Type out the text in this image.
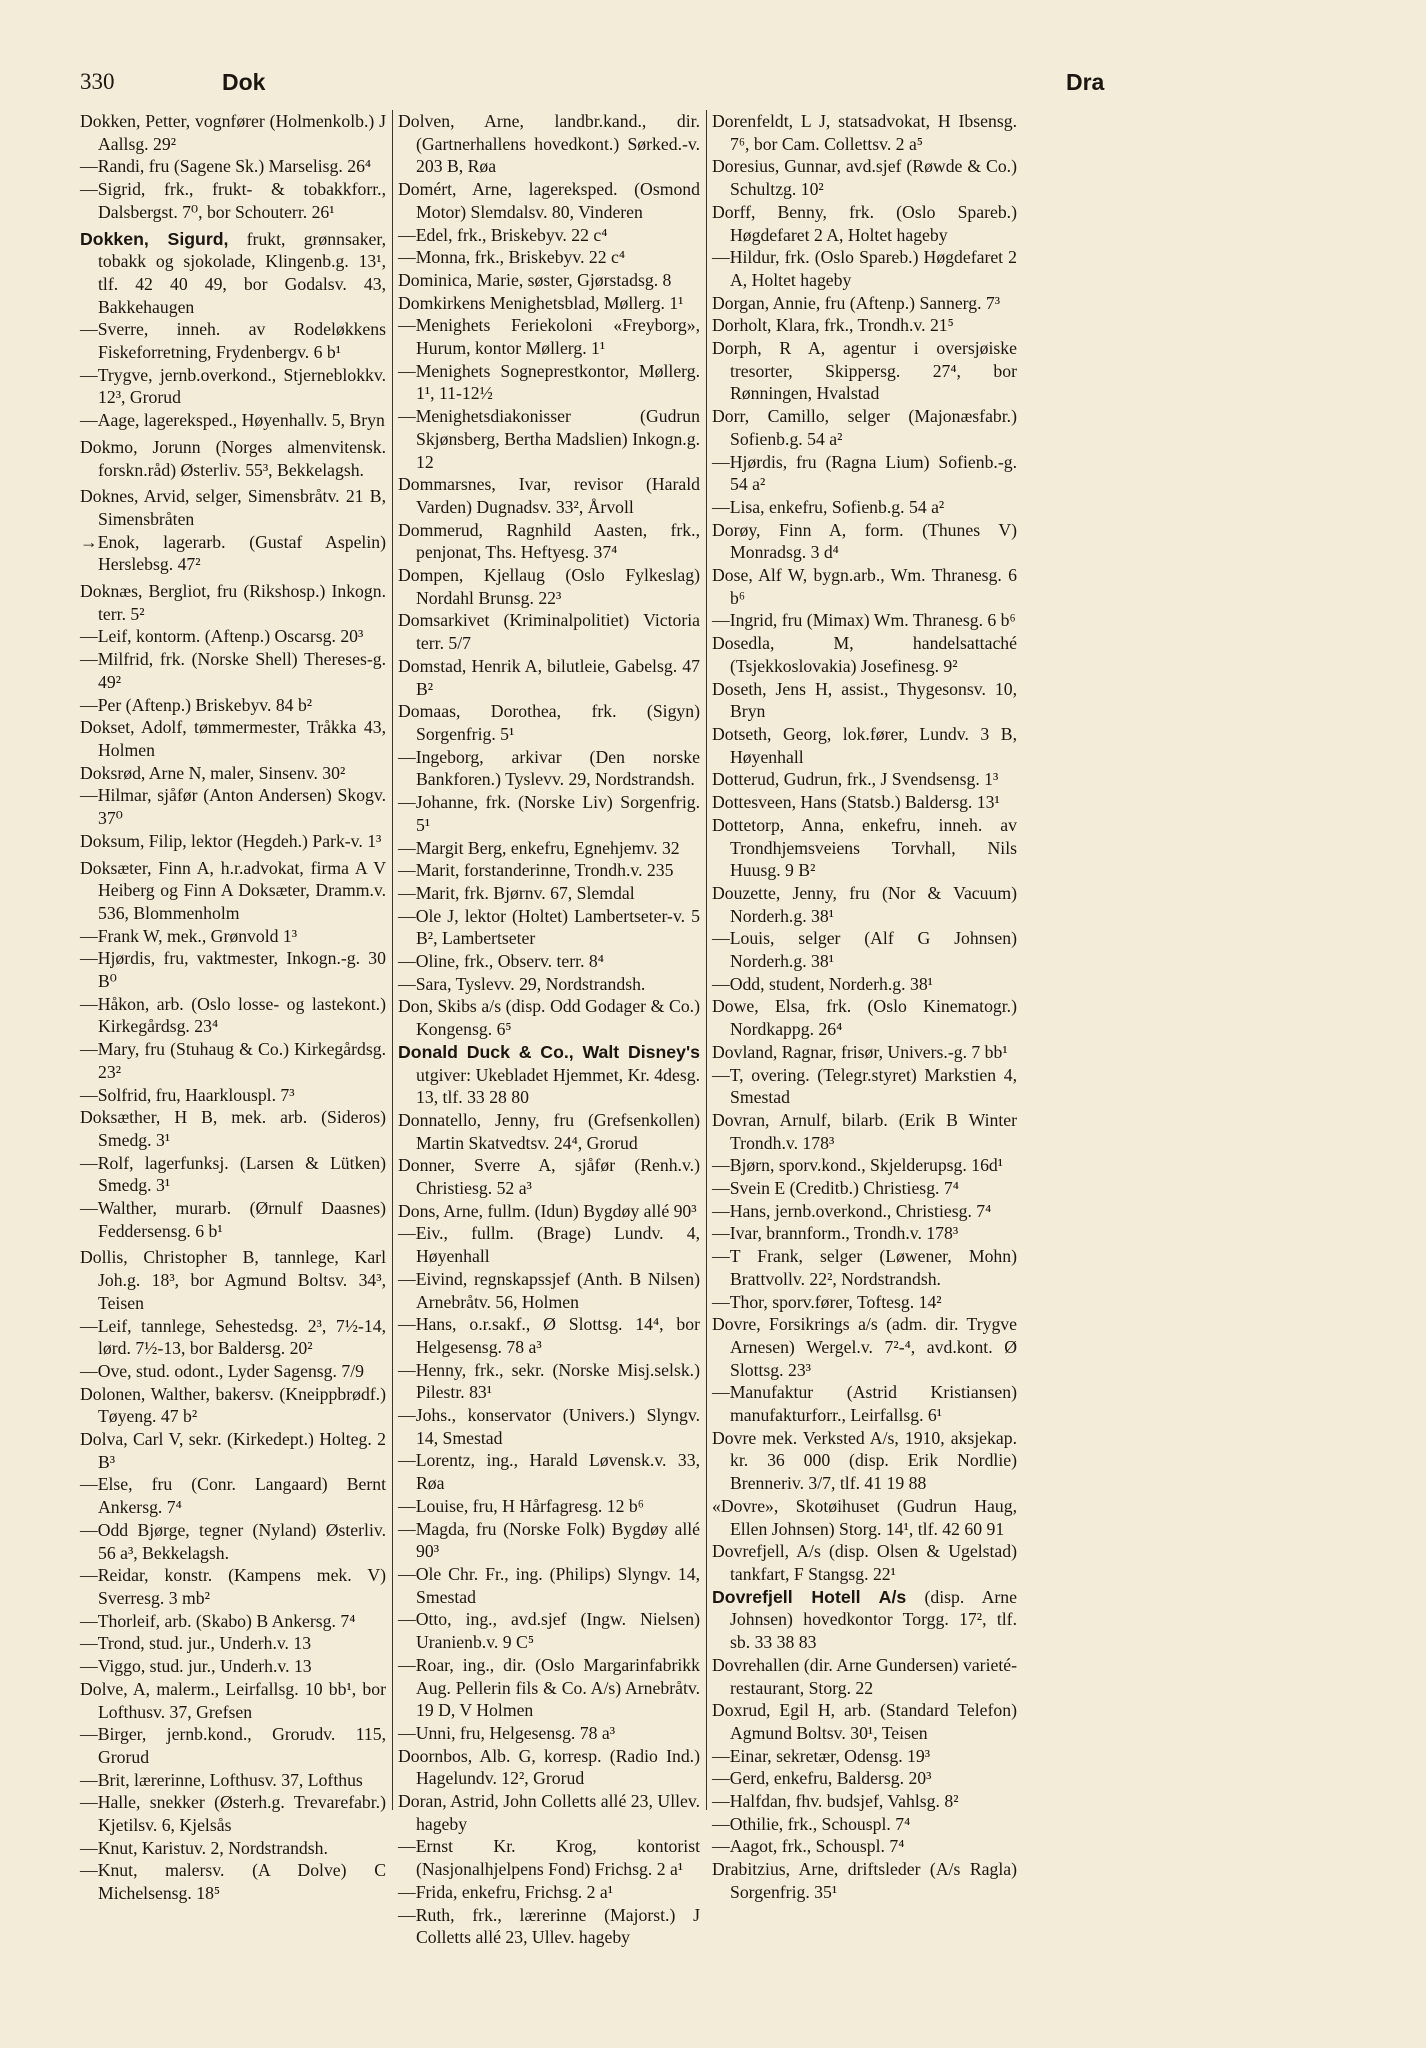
330	Dok	Dra

Dokken, Petter, vognfører (Holmenkolb.) J Aallsg. 29²

—Randi, fru (Sagene Sk.) Marselisg. 26⁴

—Sigrid, frk., frukt- & tobakkforr., Dalsbergst. 7⁰, bor Schouterr. 26¹

Dokken, Sigurd, frukt, grønnsaker, tobakk og sjokolade, Klingenb.g. 13¹, tlf. 42 40 49, bor Godalsv. 43, Bakkehaugen

—Sverre, inneh. av Rodeløkkens Fiskeforretning, Frydenbergv. 6 b¹

—Trygve, jernb.overkond., Stjerneblokkv. 12³, Grorud

—Aage, lagereksped., Høyenhallv. 5, Bryn

Dokmo, Jorunn (Norges almenvitensk. forskn.råd) Østerliv. 55³, Bekkelagsh.

Doknes, Arvid, selger, Simensbråtv. 21 B, Simensbråten

→Enok, lagerarb. (Gustaf Aspelin) Herslebsg. 47²

Doknæs, Bergliot, fru (Rikshosp.) Inkogn. terr. 5²

—Leif, kontorm. (Aftenp.) Oscarsg. 20³

—Milfrid, frk. (Norske Shell) Thereses-g. 49²

—Per (Aftenp.) Briskebyv. 84 b²

Dokset, Adolf, tømmermester, Tråkka 43, Holmen

Doksrød, Arne N, maler, Sinsenv. 30²

—Hilmar, sjåfør (Anton Andersen) Skogv. 37⁰

Doksum, Filip, lektor (Hegdeh.) Park-v. 1³

Doksæter, Finn A, h.r.advokat, firma A V Heiberg og Finn A Doksæter, Dramm.v. 536, Blommenholm

—Frank W, mek., Grønvold 1³

—Hjørdis, fru, vaktmester, Inkogn.-g. 30 B⁰

—Håkon, arb. (Oslo losse- og lastekont.) Kirkegårdsg. 23⁴

—Mary, fru (Stuhaug & Co.) Kirkegårdsg. 23²

—Solfrid, fru, Haarklouspl. 7³

Doksæther, H B, mek. arb. (Sideros) Smedg. 3¹

—Rolf, lagerfunksj. (Larsen & Lütken) Smedg. 3¹

—Walther, murarb. (Ørnulf Daasnes) Feddersensg. 6 b¹

Dollis, Christopher B, tannlege, Karl Joh.g. 18³, bor Agmund Boltsv. 34³, Teisen

—Leif, tannlege, Sehestedsg. 2³, 7½-14, lørd. 7½-13, bor Baldersg. 20²

—Ove, stud. odont., Lyder Sagensg. 7/9

Dolonen, Walther, bakersv. (Kneippbrødf.) Tøyeng. 47 b²

Dolva, Carl V, sekr. (Kirkedept.) Holteg. 2 B³

—Else, fru (Conr. Langaard) Bernt Ankersg. 7⁴

—Odd Bjørge, tegner (Nyland) Østerliv. 56 a³, Bekkelagsh.

—Reidar, konstr. (Kampens mek. V) Sverresg. 3 mb²

—Thorleif, arb. (Skabo) B Ankersg. 7⁴

—Trond, stud. jur., Underh.v. 13

—Viggo, stud. jur., Underh.v. 13

Dolve, A, malerm., Leirfallsg. 10 bb¹, bor Lofthusv. 37, Grefsen

—Birger, jernb.kond., Grorudv. 115, Grorud

—Brit, lærerinne, Lofthusv. 37, Lofthus

—Halle, snekker (Østerh.g. Trevarefabr.) Kjetilsv. 6, Kjelsås

—Knut, Karistuv. 2, Nordstrandsh.

—Knut, malersv. (A Dolve) C Michelsensg. 18⁵

Dolven, Arne, landbr.kand., dir. (Gartnerhallens hovedkont.) Sørked.-v. 203 B, Røa

Domért, Arne, lagereksped. (Osmond Motor) Slemdalsv. 80, Vinderen

—Edel, frk., Briskebyv. 22 c⁴

—Monna, frk., Briskebyv. 22 c⁴

Dominica, Marie, søster, Gjørstadsg. 8

Domkirkens Menighetsblad, Møllerg. 1¹

—Menighets Feriekoloni «Freyborg», Hurum, kontor Møllerg. 1¹

—Menighets Sogneprestkontor, Møllerg. 1¹, 11-12½

—Menighetsdiakonisser (Gudrun Skjønsberg, Bertha Madslien) Inkogn.g. 12

Dommarsnes, Ivar, revisor (Harald Varden) Dugnadsv. 33², Årvoll

Dommerud, Ragnhild Aasten, frk., penjonat, Ths. Heftyesg. 37⁴

Dompen, Kjellaug (Oslo Fylkeslag) Nordahl Brunsg. 22³

Domsarkivet (Kriminalpolitiet) Victoria terr. 5/7

Domstad, Henrik A, bilutleie, Gabelsg. 47 B²

Domaas, Dorothea, frk. (Sigyn) Sorgenfrig. 5¹

—Ingeborg, arkivar (Den norske Bankforen.) Tyslevv. 29, Nordstrandsh.

—Johanne, frk. (Norske Liv) Sorgenfrig. 5¹

—Margit Berg, enkefru, Egnehjemv. 32

—Marit, forstanderinne, Trondh.v. 235

—Marit, frk. Bjørnv. 67, Slemdal

—Ole J, lektor (Holtet) Lambertseter-v. 5 B², Lambertseter

—Oline, frk., Observ. terr. 8⁴

—Sara, Tyslevv. 29, Nordstrandsh.

Don, Skibs a/s (disp. Odd Godager & Co.) Kongensg. 6⁵

Donald Duck & Co., Walt Disney's utgiver: Ukebladet Hjemmet, Kr. 4desg. 13, tlf. 33 28 80

Donnatello, Jenny, fru (Grefsenkollen) Martin Skatvedtsv. 24⁴, Grorud

Donner, Sverre A, sjåfør (Renh.v.) Christiesg. 52 a³

Dons, Arne, fullm. (Idun) Bygdøy allé 90³

—Eiv., fullm. (Brage) Lundv. 4, Høyenhall

—Eivind, regnskapssjef (Anth. B Nilsen) Arnebråtv. 56, Holmen

—Hans, o.r.sakf., Ø Slottsg. 14⁴, bor Helgesensg. 78 a³

—Henny, frk., sekr. (Norske Misj.selsk.) Pilestr. 83¹

—Johs., konservator (Univers.) Slyngv. 14, Smestad

—Lorentz, ing., Harald Løvensk.v. 33, Røa

—Louise, fru, H Hårfagresg. 12 b⁶

—Magda, fru (Norske Folk) Bygdøy allé 90³

—Ole Chr. Fr., ing. (Philips) Slyngv. 14, Smestad

—Otto, ing., avd.sjef (Ingw. Nielsen) Uranienb.v. 9 C⁵

—Roar, ing., dir. (Oslo Margarinfabrikk Aug. Pellerin fils & Co. A/s) Arnebråtv. 19 D, V Holmen

—Unni, fru, Helgesensg. 78 a³

Doornbos, Alb. G, korresp. (Radio Ind.) Hagelundv. 12², Grorud

Doran, Astrid, John Colletts allé 23, Ullev. hageby

—Ernst Kr. Krog, kontorist (Nasjonalhjelpens Fond) Frichsg. 2 a¹

—Frida, enkefru, Frichsg. 2 a¹

—Ruth, frk., lærerinne (Majorst.) J Colletts allé 23, Ullev. hageby

Dorenfeldt, L J, statsadvokat, H Ibsensg. 7⁶, bor Cam. Collettsv. 2 a⁵

Doresius, Gunnar, avd.sjef (Røwde & Co.) Schultzg. 10²

Dorff, Benny, frk. (Oslo Spareb.) Høgdefaret 2 A, Holtet hageby

—Hildur, frk. (Oslo Spareb.) Høgdefaret 2 A, Holtet hageby

Dorgan, Annie, fru (Aftenp.) Sannerg. 7³

Dorholt, Klara, frk., Trondh.v. 21⁵

Dorph, R A, agentur i oversjøiske tresorter, Skippersg. 27⁴, bor Rønningen, Hvalstad

Dorr, Camillo, selger (Majonæsfabr.) Sofienb.g. 54 a²

—Hjørdis, fru (Ragna Lium) Sofienb.-g. 54 a²

—Lisa, enkefru, Sofienb.g. 54 a²

Dorøy, Finn A, form. (Thunes V) Monradsg. 3 d⁴

Dose, Alf W, bygn.arb., Wm. Thranesg. 6 b⁶

—Ingrid, fru (Mimax) Wm. Thranesg. 6 b⁶

Dosedla, M, handelsattaché (Tsjekkoslovakia) Josefinesg. 9²

Doseth, Jens H, assist., Thygesonsv. 10, Bryn

Dotseth, Georg, lok.fører, Lundv. 3 B, Høyenhall

Dotterud, Gudrun, frk., J Svendsensg. 1³

Dottesveen, Hans (Statsb.) Baldersg. 13¹

Dottetorp, Anna, enkefru, inneh. av Trondhjemsveiens Torvhall, Nils Huusg. 9 B²

Douzette, Jenny, fru (Nor & Vacuum) Norderh.g. 38¹

—Louis, selger (Alf G Johnsen) Norderh.g. 38¹

—Odd, student, Norderh.g. 38¹

Dowe, Elsa, frk. (Oslo Kinematogr.) Nordkappg. 26⁴

Dovland, Ragnar, frisør, Univers.-g. 7 bb¹

—T, overing. (Telegr.styret) Markstien 4, Smestad

Dovran, Arnulf, bilarb. (Erik B Winter Trondh.v. 178³

—Bjørn, sporv.kond., Skjelderupsg. 16d¹

—Svein E (Creditb.) Christiesg. 7⁴

—Hans, jernb.overkond., Christiesg. 7⁴

—Ivar, brannform., Trondh.v. 178³

—T Frank, selger (Løwener, Mohn) Brattvollv. 22², Nordstrandsh.

—Thor, sporv.fører, Toftesg. 14²

Dovre, Forsikrings a/s (adm. dir. Trygve Arnesen) Wergel.v. 7²-⁴, avd.kont. Ø Slottsg. 23³

—Manufaktur (Astrid Kristiansen) manufakturforr., Leirfallsg. 6¹

Dovre mek. Verksted A/s, 1910, aksjekap. kr. 36 000 (disp. Erik Nordlie) Brenneriv. 3/7, tlf. 41 19 88

«Dovre», Skotøihuset (Gudrun Haug, Ellen Johnsen) Storg. 14¹, tlf. 42 60 91

Dovrefjell, A/s (disp. Olsen & Ugelstad) tankfart, F Stangsg. 22¹

Dovrefjell Hotell A/s (disp. Arne Johnsen) hovedkontor Torgg. 17², tlf. sb. 33 38 83

Dovrehallen (dir. Arne Gundersen) varieté-restaurant, Storg. 22

Doxrud, Egil H, arb. (Standard Telefon) Agmund Boltsv. 30¹, Teisen

—Einar, sekretær, Odensg. 19³

—Gerd, enkefru, Baldersg. 20³

—Halfdan, fhv. budsjef, Vahlsg. 8²

—Othilie, frk., Schouspl. 7⁴

—Aagot, frk., Schouspl. 7⁴

Drabitzius, Arne, driftsleder (A/s Ragla) Sorgenfrig. 35¹
